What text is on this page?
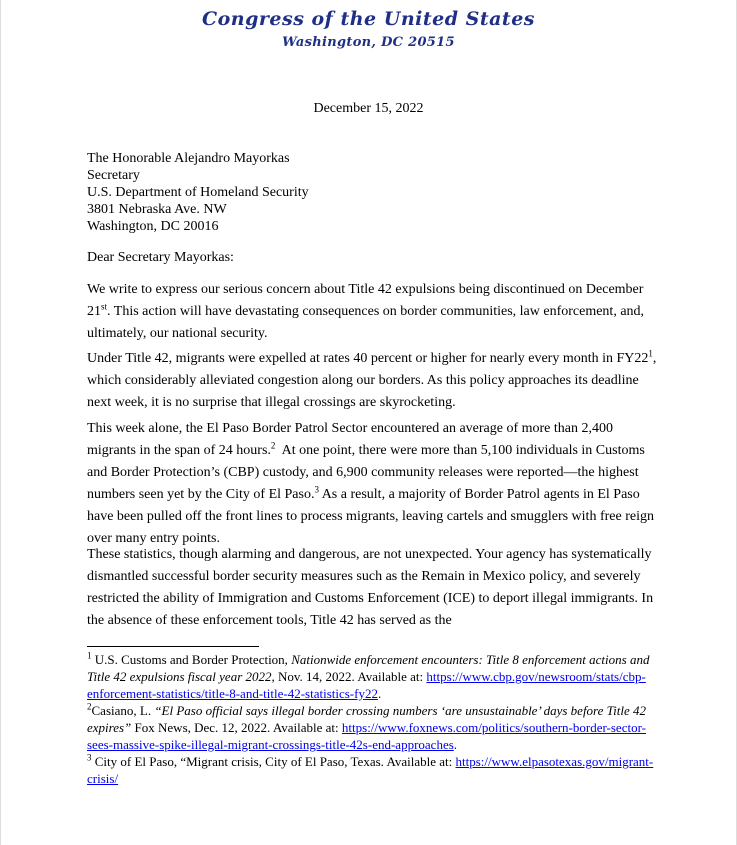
Congress of the United States
Washington, DC 20515
December 15, 2022
The Honorable Alejandro Mayorkas
Secretary
U.S. Department of Homeland Security
3801 Nebraska Ave. NW
Washington, DC 20016
Dear Secretary Mayorkas:

We write to express our serious concern about Title 42 expulsions being discontinued on December 21st. This action will have devastating consequences on border communities, law enforcement, and, ultimately, our national security.

Under Title 42, migrants were expelled at rates 40 percent or higher for nearly every month in $FY22^1$, which considerably alleviated congestion along our borders. As this policy approaches its deadline next week, it is no surprise that illegal crossings are skyrocketing.

This week alone, the El Paso Border Patrol Sector encountered an average of more than 2,400 migrants in the span of 24 hours.$^2$  At one point, there were more than 5,100 individuals in Customs and Border Protection’s (CBP) custody, and 6,900 community releases were reported—the highest numbers seen yet by the City of El Paso.$^3$ As a result, a majority of Border Patrol agents in El Paso have been pulled off the front lines to process migrants, leaving cartels and smugglers with free reign over many entry points.

These statistics, though alarming and dangerous, are not unexpected. Your agency has systematically dismantled successful border security measures such as the Remain in Mexico policy, and severely restricted the ability of Immigration and Customs Enforcement (ICE) to deport illegal immigrants. In the absence of these enforcement tools, Title 42 has served as the

$^1$ U.S. Customs and Border Protection, Nationwide enforcement encounters: Title 8 enforcement actions and Title 42 expulsions fiscal year 2022, Nov. 14, 2022. Available at: https://www.cbp.gov/newsroom/stats/cbp-enforcement-statistics/title-8-and-title-42-statistics-fy22.

$^2$Casiano, L. “El Paso official says illegal border crossing numbers ‘are unsustainable’ days before Title 42 expires” Fox News, Dec. 12, 2022. Available at: https://www.foxnews.com/politics/southern-border-sector-sees-massive-spike-illegal-migrant-crossings-title-42s-end-approaches.

$^3$ City of El Paso, “Migrant crisis, City of El Paso, Texas. Available at: https://www.elpasotexas.gov/migrant-crisis/
